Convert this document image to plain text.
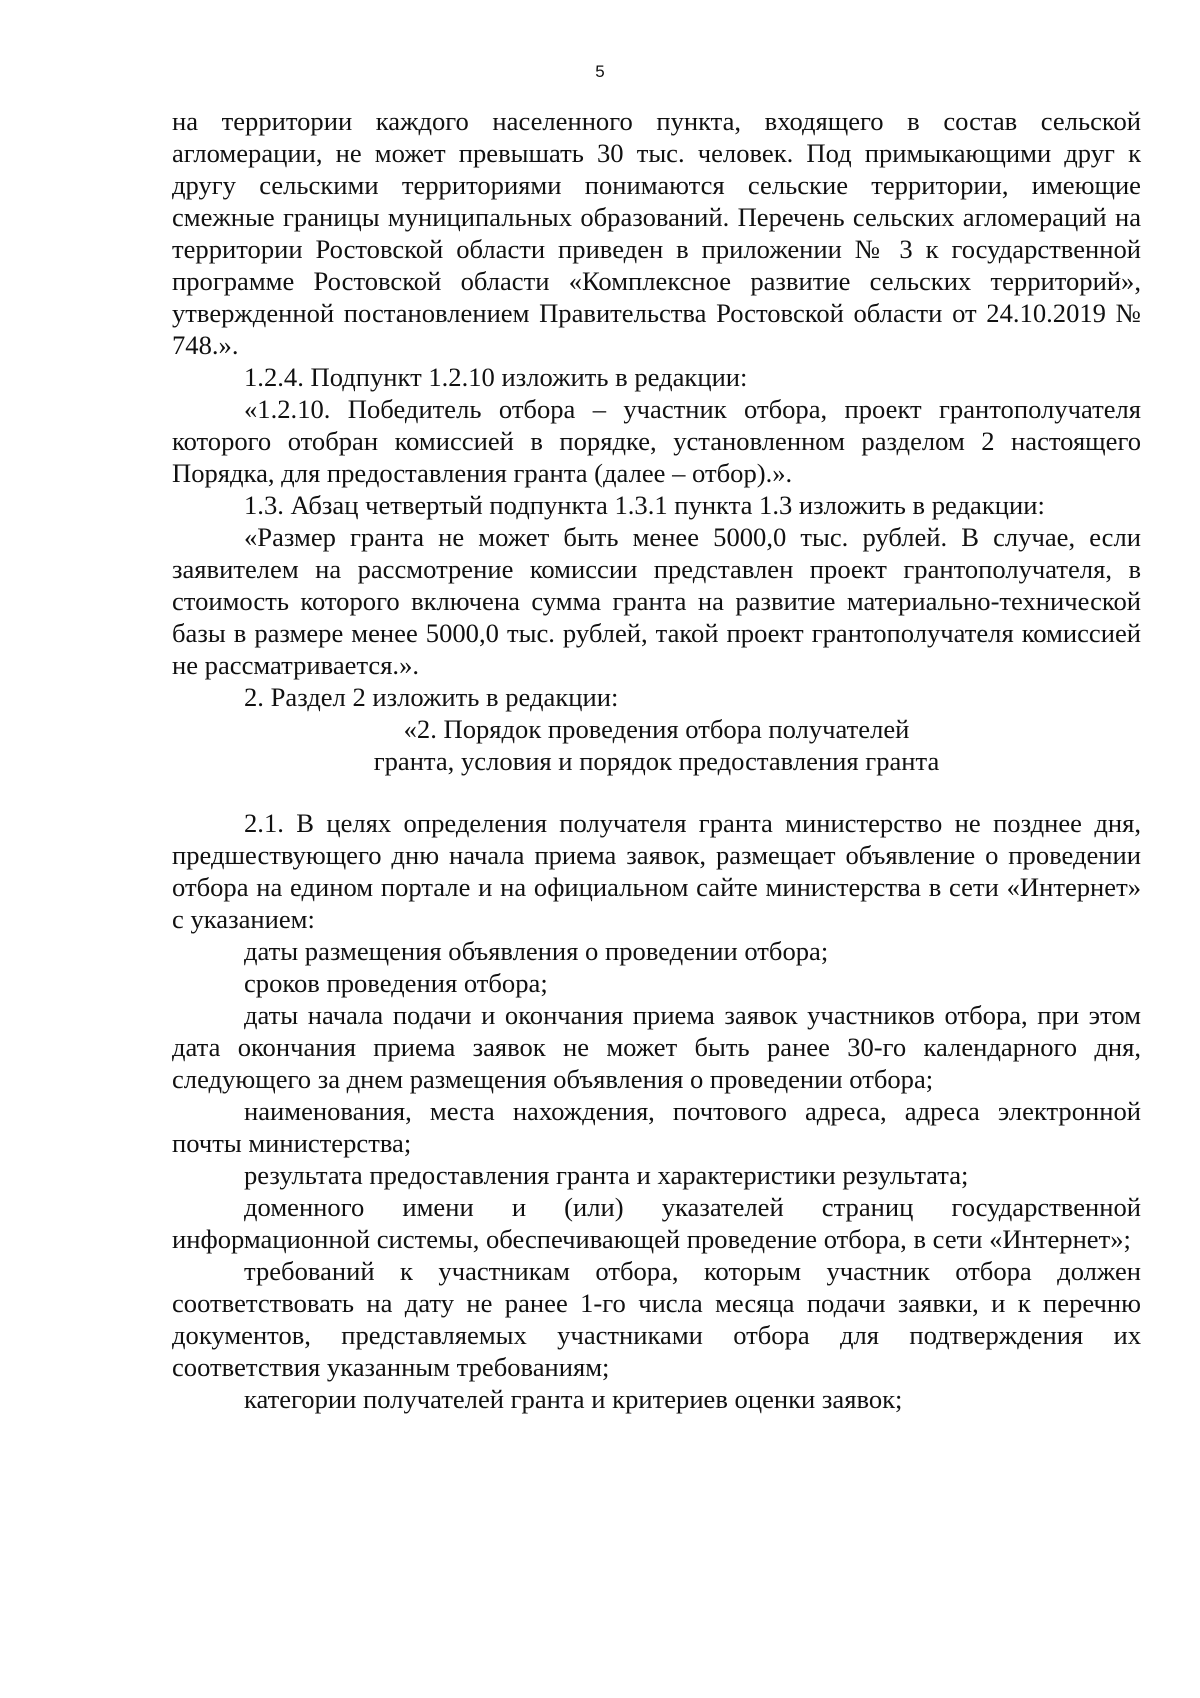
5

на территории каждого населенного пункта, входящего в состав сельской агломерации, не может превышать 30 тыс. человек. Под примыкающими друг к другу сельскими территориями понимаются сельские территории, имеющие смежные границы муниципальных образований. Перечень сельских агломераций на территории Ростовской области приведен в приложении № 3 к государственной программе Ростовской области «Комплексное развитие сельских территорий», утвержденной постановлением Правительства Ростовской области от 24.10.2019 № 748.».

1.2.4. Подпункт 1.2.10 изложить в редакции:

«1.2.10. Победитель отбора – участник отбора, проект грантополучателя которого отобран комиссией в порядке, установленном разделом 2 настоящего Порядка, для предоставления гранта (далее – отбор).».

1.3. Абзац четвертый подпункта 1.3.1 пункта 1.3 изложить в редакции:

«Размер гранта не может быть менее 5000,0 тыс. рублей. В случае, если заявителем на рассмотрение комиссии представлен проект грантополучателя, в стоимость которого включена сумма гранта на развитие материально-технической базы в размере менее 5000,0 тыс. рублей, такой проект грантополучателя комиссией не рассматривается.».

2. Раздел 2 изложить в редакции:

«2. Порядок проведения отбора получателей
гранта, условия и порядок предоставления гранта

2.1. В целях определения получателя гранта министерство не позднее дня, предшествующего дню начала приема заявок, размещает объявление о проведении отбора на едином портале и на официальном сайте министерства в сети «Интернет» с указанием:

даты размещения объявления о проведении отбора;

сроков проведения отбора;

даты начала подачи и окончания приема заявок участников отбора, при этом дата окончания приема заявок не может быть ранее 30-го календарного дня, следующего за днем размещения объявления о проведении отбора;

наименования, места нахождения, почтового адреса, адреса электронной почты министерства;

результата предоставления гранта и характеристики результата;

доменного имени и (или) указателей страниц государственной информационной системы, обеспечивающей проведение отбора, в сети «Интернет»;

требований к участникам отбора, которым участник отбора должен соответствовать на дату не ранее 1-го числа месяца подачи заявки, и к перечню документов, представляемых участниками отбора для подтверждения их соответствия указанным требованиям;

категории получателей гранта и критериев оценки заявок;
